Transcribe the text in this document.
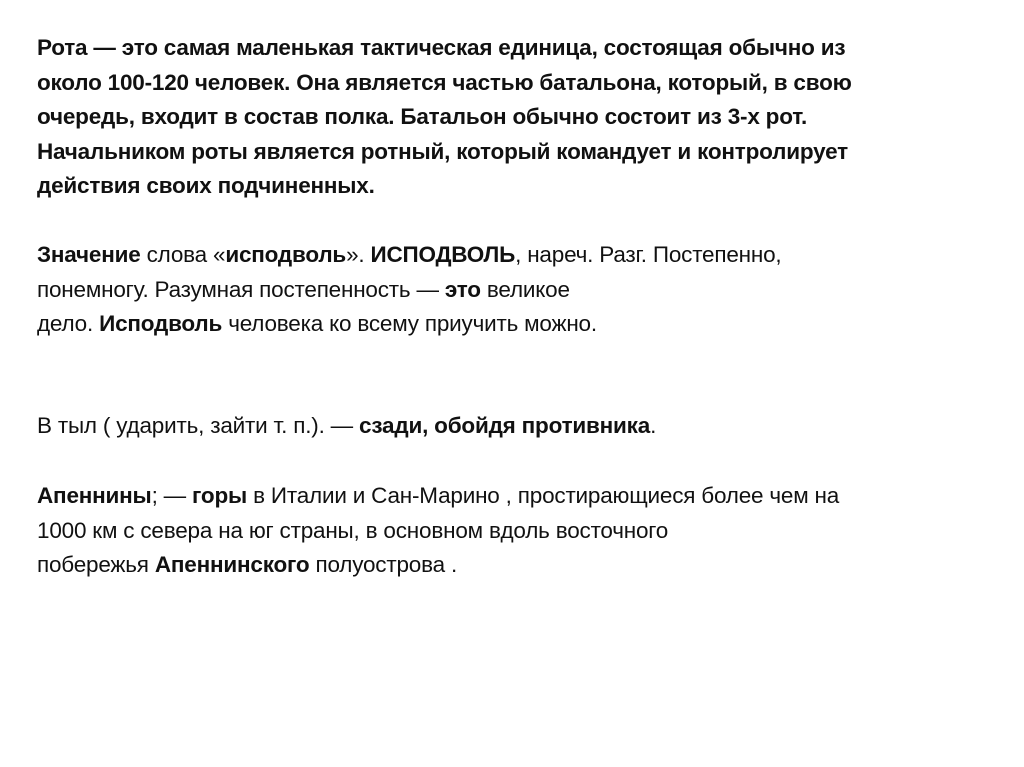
Рота — это самая маленькая тактическая единица, состоящая обычно из
около 100-120 человек. Она является частью батальона, который, в свою
очередь, входит в состав полка. Батальон обычно состоит из 3-х рот.
Начальником роты является ротный, который командует и контролирует
действия своих подчиненных.
Значение слова «исподволь». ИСПОДВОЛЬ, нареч. Разг. Постепенно,
понемногу. Разумная постепенность — это великое
дело. Исподволь человека ко всему приучить можно.
В тыл ( ударить, зайти т. п.). — сзади, обойдя противника.
Апеннины; — горы в Италии и Сан-Марино , простирающиеся более чем на
1000 км с севера на юг страны, в основном вдоль восточного
побережья Апеннинского полуострова .
